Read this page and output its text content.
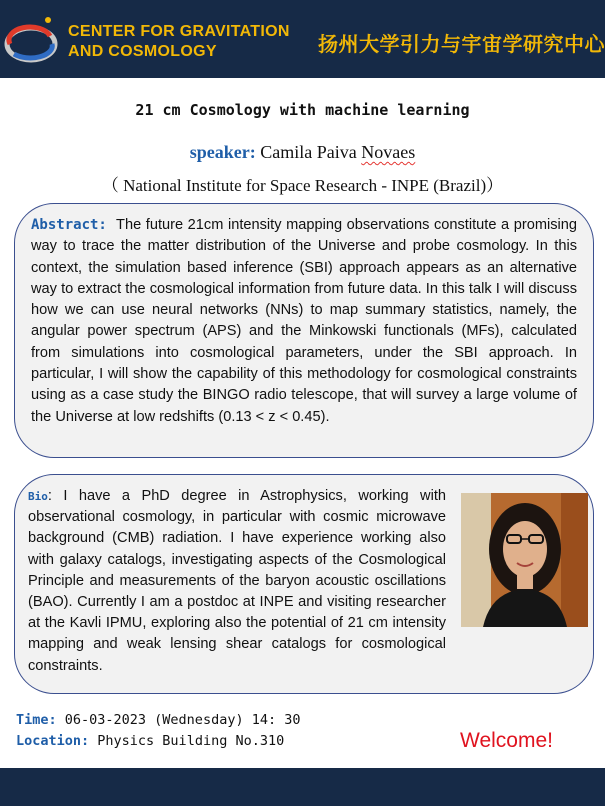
CENTER FOR GRAVITATION
AND COSMOLOGY	扬州大学引力与宇宙学研究中心
21 cm Cosmology with machine learning
speaker: Camila Paiva Novaes
（ National Institute for Space Research - INPE (Brazil)）

Abstract: The future 21cm intensity mapping observations constitute a promising way to trace the matter distribution of the Universe and probe cosmology. In this context, the simulation based inference (SBI) approach appears as an alternative way to extract the cosmological information from future data. In this talk I will discuss how we can use neural networks (NNs) to map summary statistics, namely, the angular power spectrum (APS) and the Minkowski functionals (MFs), calculated from simulations into cosmological parameters, under the SBI approach. In particular, I will show the capability of this methodology for cosmological constraints using as a case study the BINGO radio telescope, that will survey a large volume of the Universe at low redshifts (0.13 < z < 0.45).

Bio: I have a PhD degree in Astrophysics, working with observational cosmology, in particular with cosmic microwave background (CMB) radiation. I have experience working also with galaxy catalogs, investigating aspects of the Cosmological Principle and measurements of the baryon acoustic oscillations (BAO). Currently I am a postdoc at INPE and visiting researcher at the Kavli IPMU, exploring also the potential of 21 cm intensity mapping and weak lensing shear catalogs for cosmological constraints.

Time: 06-03-2023 (Wednesday) 14: 30
Location: Physics Building No.310	Welcome!
